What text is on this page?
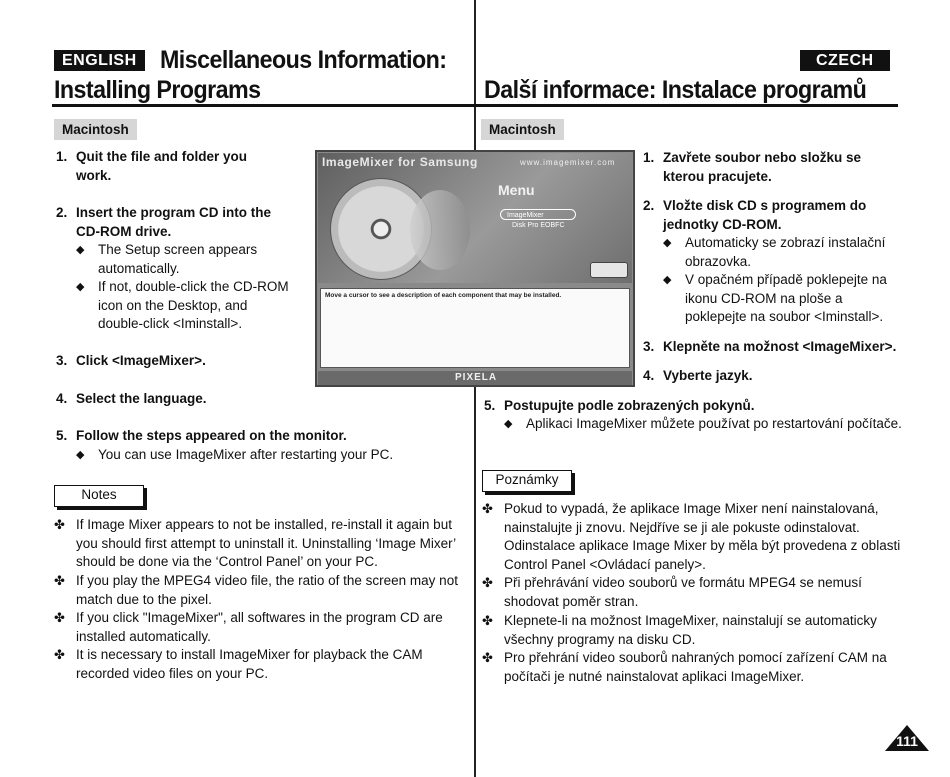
ENGLISH Miscellaneous Information:
Installing Programs
CZECH
Další informace: Instalace programů
Macintosh
1. Quit the file and folder you
work.
2. Insert the program CD into the
CD-ROM drive.
◆ The Setup screen appears
automatically.
◆ If not, double-click the CD-ROM
icon on the Desktop, and
double-click <Iminstall>.
3. Click <ImageMixer>.
4. Select the language.
5. Follow the steps appeared on the monitor.
◆ You can use ImageMixer after restarting your PC.
Notes
✤ If Image Mixer appears to not be installed, re-install it again but
you should first attempt to uninstall it. Uninstalling ‘Image Mixer’
should be done via the ‘Control Panel’ on your PC.
✤ If you play the MPEG4 video file, the ratio of the screen may not
match due to the pixel.
✤ If you click "ImageMixer", all softwares in the program CD are
installed automatically.
✤ It is necessary to install ImageMixer for playback the CAM
recorded video files on your PC.
ImageMixer for Samsung	www.imagemixer.com
Menu
ImageMixer
Disk Pro EOBFC
Move a cursor to see a description of each component that may be installed.
PIXELA
Macintosh
1. Zavřete soubor nebo složku se
kterou pracujete.
2. Vložte disk CD s programem do
jednotky CD-ROM.
◆ Automaticky se zobrazí instalační
obrazovka.
◆ V opačném případě poklepejte na
ikonu CD-ROM na ploše a
poklepejte na soubor <Iminstall>.
3. Klepněte na možnost <ImageMixer>.
4. Vyberte jazyk.
5. Postupujte podle zobrazených pokynů.
◆ Aplikaci ImageMixer můžete používat po restartování počítače.
Poznámky
✤ Pokud to vypadá, že aplikace Image Mixer není nainstalovaná,
nainstalujte ji znovu. Nejdříve se ji ale pokuste odinstalovat.
Odinstalace aplikace Image Mixer by měla být provedena z oblasti
Control Panel <Ovládací panely>.
✤ Při přehrávání video souborů ve formátu MPEG4 se nemusí
shodovat poměr stran.
✤ Klepnete-li na možnost ImageMixer, nainstalují se automaticky
všechny programy na disku CD.
✤ Pro přehrání video souborů nahraných pomocí zařízení CAM na
počítači je nutné nainstalovat aplikaci ImageMixer.
111
